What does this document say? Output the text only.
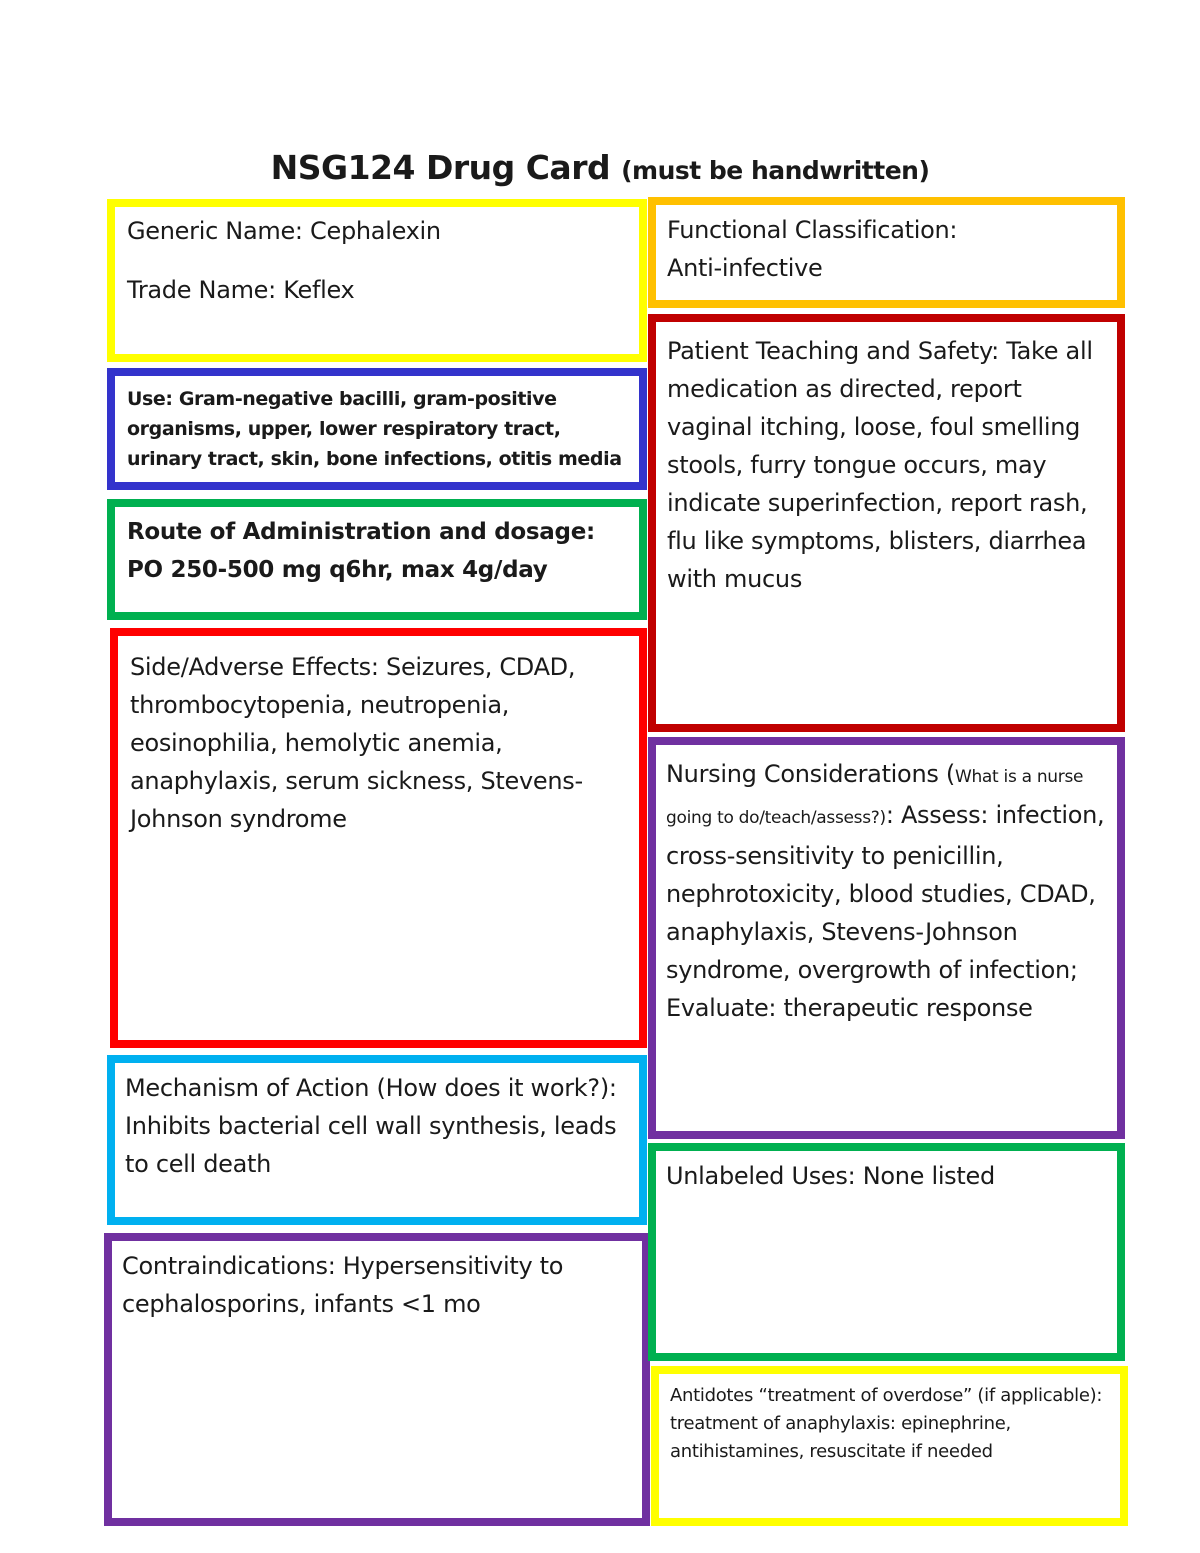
NSG124 Drug Card (must be handwritten)

Generic Name: Cephalexin

Trade Name: Keflex

Use: Gram-negative bacilli, gram-positive organisms, upper, lower respiratory tract, urinary tract, skin, bone infections, otitis media

Route of Administration and dosage: PO 250-500 mg q6hr, max 4g/day

Side/Adverse Effects: Seizures, CDAD, thrombocytopenia, neutropenia, eosinophilia, hemolytic anemia, anaphylaxis, serum sickness, Stevens-Johnson syndrome

Mechanism of Action (How does it work?): Inhibits bacterial cell wall synthesis, leads to cell death

Contraindications: Hypersensitivity to cephalosporins, infants <1 mo

Functional Classification:

Anti-infective

Patient Teaching and Safety: Take all medication as directed, report vaginal itching, loose, foul smelling stools, furry tongue occurs, may indicate superinfection, report rash, flu like symptoms, blisters, diarrhea with mucus

Nursing Considerations (What is a nurse going to do/teach/assess?): Assess: infection, cross-sensitivity to penicillin, nephrotoxicity, blood studies, CDAD, anaphylaxis, Stevens-Johnson syndrome, overgrowth of infection; Evaluate: therapeutic response

Unlabeled Uses: None listed

Antidotes “treatment of overdose” (if applicable): treatment of anaphylaxis: epinephrine, antihistamines, resuscitate if needed
